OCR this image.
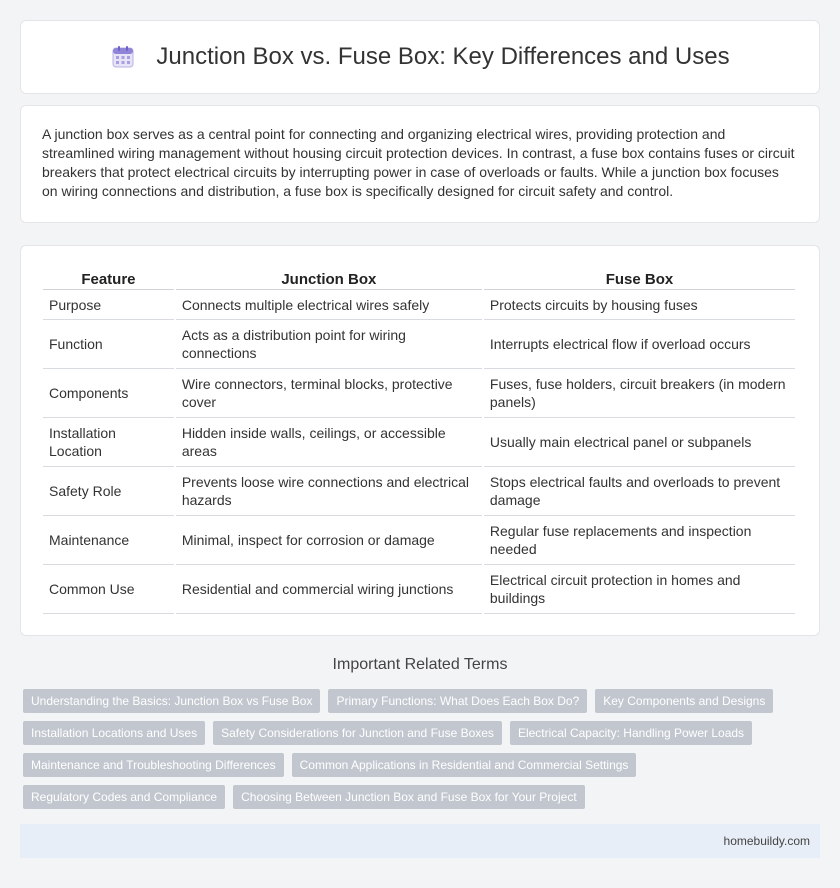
Junction Box vs. Fuse Box: Key Differences and Uses

A junction box serves as a central point for connecting and organizing electrical wires, providing protection and streamlined wiring management without housing circuit protection devices. In contrast, a fuse box contains fuses or circuit breakers that protect electrical circuits by interrupting power in case of overloads or faults. While a junction box focuses on wiring connections and distribution, a fuse box is specifically designed for circuit safety and control.

Feature	Junction Box	Fuse Box
Purpose	Connects multiple electrical wires safely	Protects circuits by housing fuses
Function	Acts as a distribution point for wiring connections	Interrupts electrical flow if overload occurs
Components	Wire connectors, terminal blocks, protective cover	Fuses, fuse holders, circuit breakers (in modern panels)
Installation Location	Hidden inside walls, ceilings, or accessible areas	Usually main electrical panel or subpanels
Safety Role	Prevents loose wire connections and electrical hazards	Stops electrical faults and overloads to prevent damage
Maintenance	Minimal, inspect for corrosion or damage	Regular fuse replacements and inspection needed
Common Use	Residential and commercial wiring junctions	Electrical circuit protection in homes and buildings
Important Related Terms
Understanding the Basics: Junction Box vs Fuse Box	Primary Functions: What Does Each Box Do?	Key Components and Designs
Installation Locations and Uses	Safety Considerations for Junction and Fuse Boxes	Electrical Capacity: Handling Power Loads
Maintenance and Troubleshooting Differences	Common Applications in Residential and Commercial Settings
Regulatory Codes and Compliance	Choosing Between Junction Box and Fuse Box for Your Project
homebuildy.com
